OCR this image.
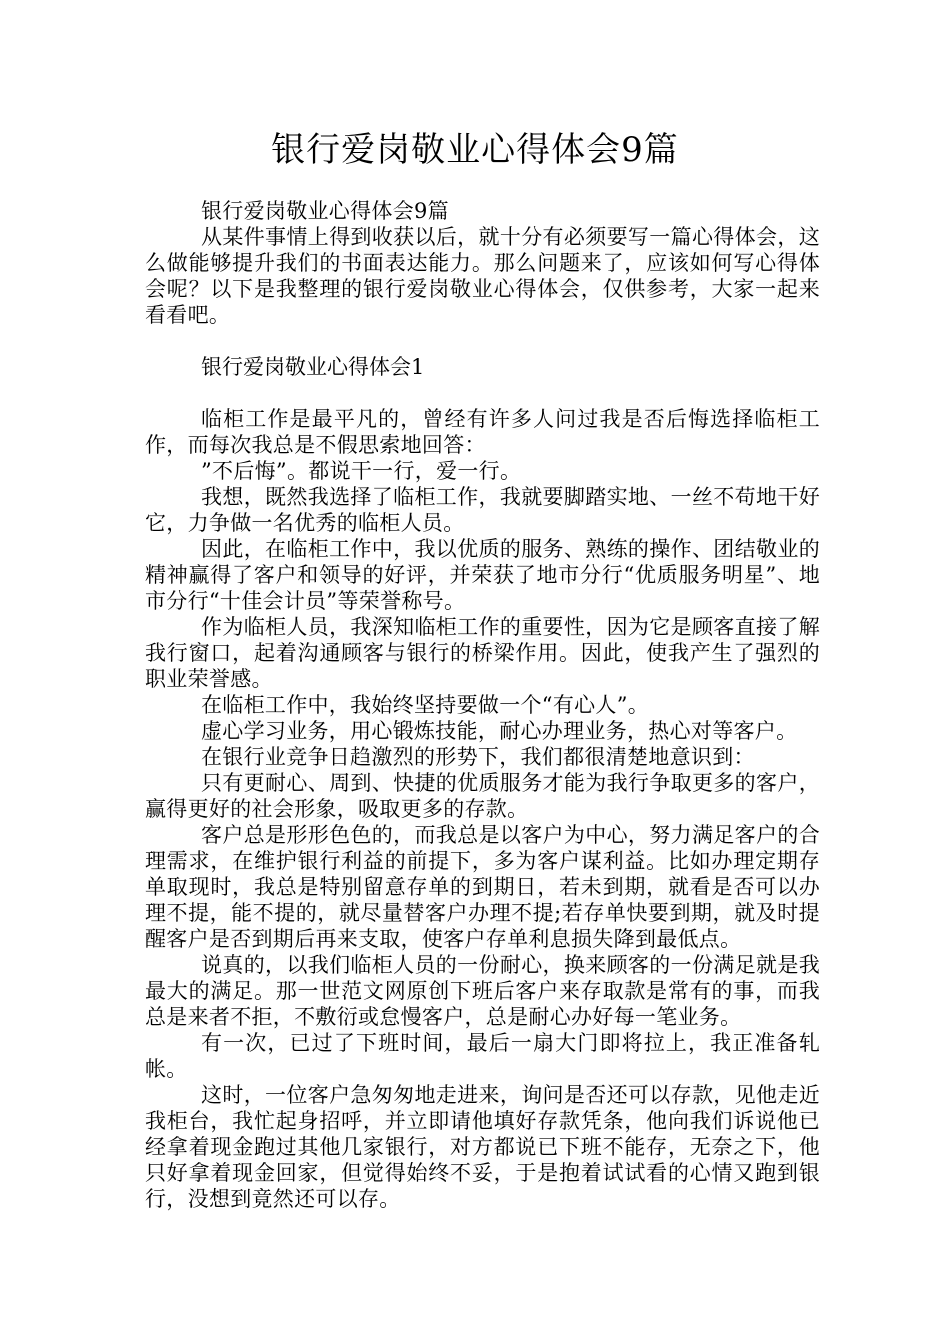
银行爱岗敬业心得体会9篇

银行爱岗敬业心得体会9篇

从某件事情上得到收获以后，就十分有必须要写一篇心得体会，这么做能够提升我们的书面表达能力。那么问题来了，应该如何写心得体会呢？以下是我整理的银行爱岗敬业心得体会，仅供参考，大家一起来看看吧。

银行爱岗敬业心得体会1

临柜工作是最平凡的，曾经有许多人问过我是否后悔选择临柜工作，而每次我总是不假思索地回答：

”不后悔”。都说干一行，爱一行。

我想，既然我选择了临柜工作，我就要脚踏实地、一丝不苟地干好它，力争做一名优秀的临柜人员。

因此，在临柜工作中，我以优质的服务、熟练的操作、团结敬业的精神赢得了客户和领导的好评，并荣获了地市分行“优质服务明星”、地市分行“十佳会计员”等荣誉称号。

作为临柜人员，我深知临柜工作的重要性，因为它是顾客直接了解我行窗口，起着沟通顾客与银行的桥梁作用。因此，使我产生了强烈的职业荣誉感。

在临柜工作中，我始终坚持要做一个“有心人”。

虚心学习业务，用心锻炼技能，耐心办理业务，热心对等客户。

在银行业竞争日趋激烈的形势下，我们都很清楚地意识到：

只有更耐心、周到、快捷的优质服务才能为我行争取更多的客户，赢得更好的社会形象，吸取更多的存款。

客户总是形形色色的，而我总是以客户为中心，努力满足客户的合理需求，在维护银行利益的前提下，多为客户谋利益。比如办理定期存单取现时，我总是特别留意存单的到期日，若未到期，就看是否可以办理不提，能不提的，就尽量替客户办理不提;若存单快要到期，就及时提醒客户是否到期后再来支取，使客户存单利息损失降到最低点。

说真的，以我们临柜人员的一份耐心，换来顾客的一份满足就是我最大的满足。那一世范文网原创下班后客户来存取款是常有的事，而我总是来者不拒，不敷衍或怠慢客户，总是耐心办好每一笔业务。

有一次，已过了下班时间，最后一扇大门即将拉上，我正准备轧帐。

这时，一位客户急匆匆地走进来，询问是否还可以存款，见他走近我柜台，我忙起身招呼，并立即请他填好存款凭条，他向我们诉说他已经拿着现金跑过其他几家银行，对方都说已下班不能存，无奈之下，他只好拿着现金回家，但觉得始终不妥，于是抱着试试看的心情又跑到银行，没想到竟然还可以存。
